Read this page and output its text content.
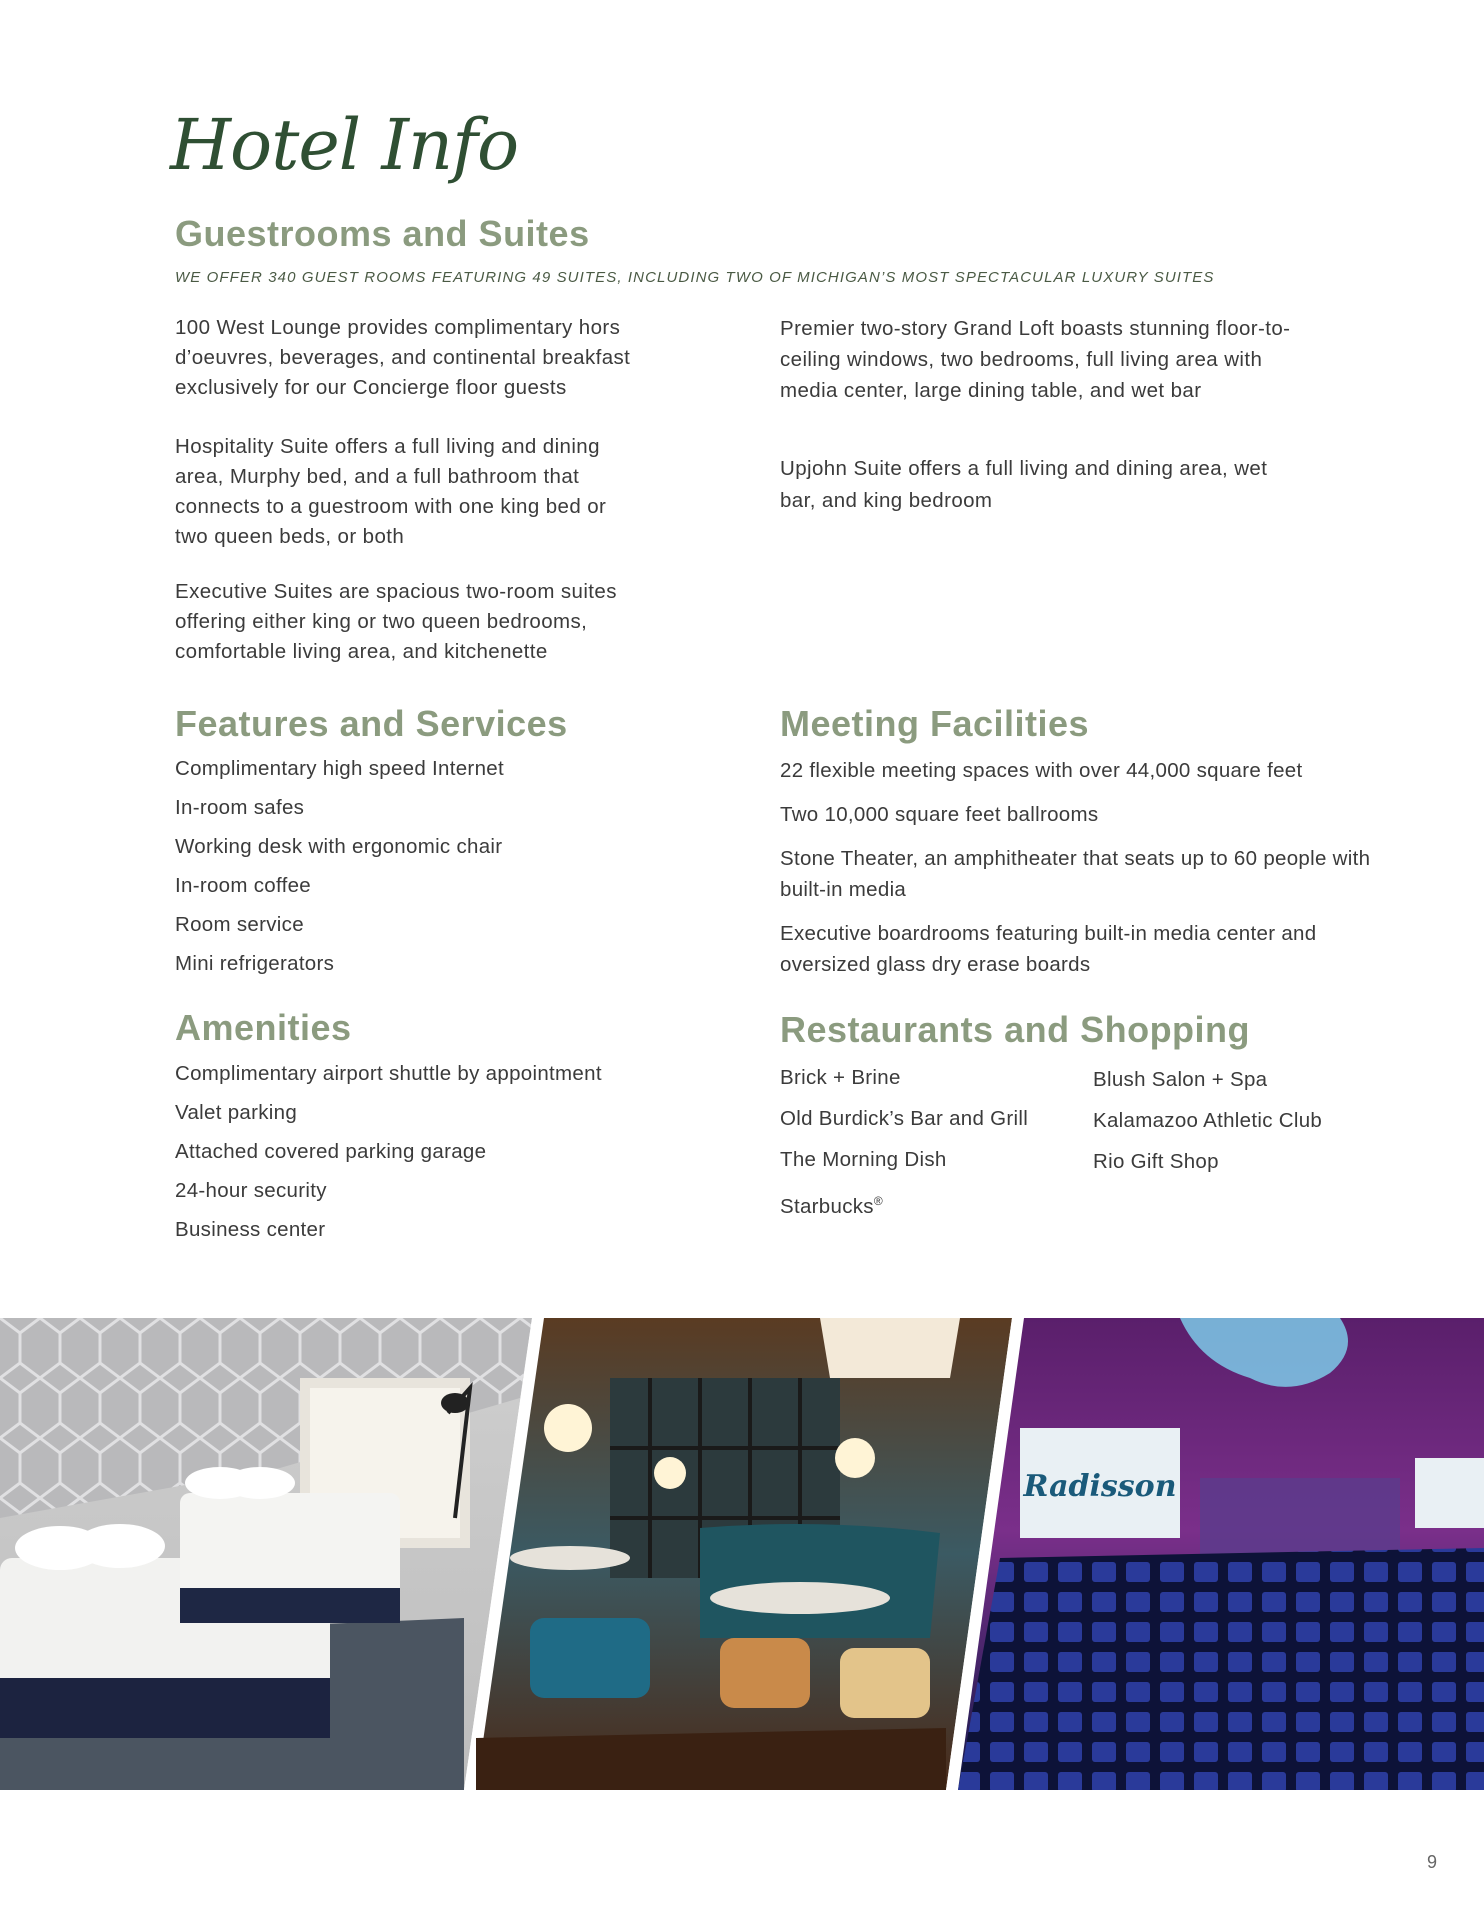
Hotel Info
Guestrooms and Suites

WE OFFER 340 GUEST ROOMS FEATURING 49 SUITES, INCLUDING TWO OF MICHIGAN’S MOST SPECTACULAR LUXURY SUITES

100 West Lounge provides complimentary hors d’oeuvres, beverages, and continental breakfast exclusively for our Concierge floor guests

Hospitality Suite offers a full living and dining area, Murphy bed, and a full bathroom that connects to a guestroom with one king bed or two queen beds, or both

Executive Suites are spacious two-room suites offering either king or two queen bedrooms, comfortable living area, and kitchenette

Premier two-story Grand Loft boasts stunning floor-to-ceiling windows, two bedrooms, full living area with media center, large dining table, and wet bar

Upjohn Suite offers a full living and dining area, wet bar, and king bedroom

Features and Services
Complimentary high speed Internet
In-room safes
Working desk with ergonomic chair
In-room coffee
Room service
Mini refrigerators
Meeting Facilities
22 flexible meeting spaces with over 44,000 square feet
Two 10,000 square feet ballrooms
Stone Theater, an amphitheater that seats up to 60 people with built-in media
Executive boardrooms featuring built-in media center and oversized glass dry erase boards
Amenities
Complimentary airport shuttle by appointment
Valet parking
Attached covered parking garage
24-hour security
Business center
Restaurants and Shopping
Brick + Brine
Old Burdick’s Bar and Grill
The Morning Dish
Starbucks®
Blush Salon + Spa
Kalamazoo Athletic Club
Rio Gift Shop
Radisson
9
